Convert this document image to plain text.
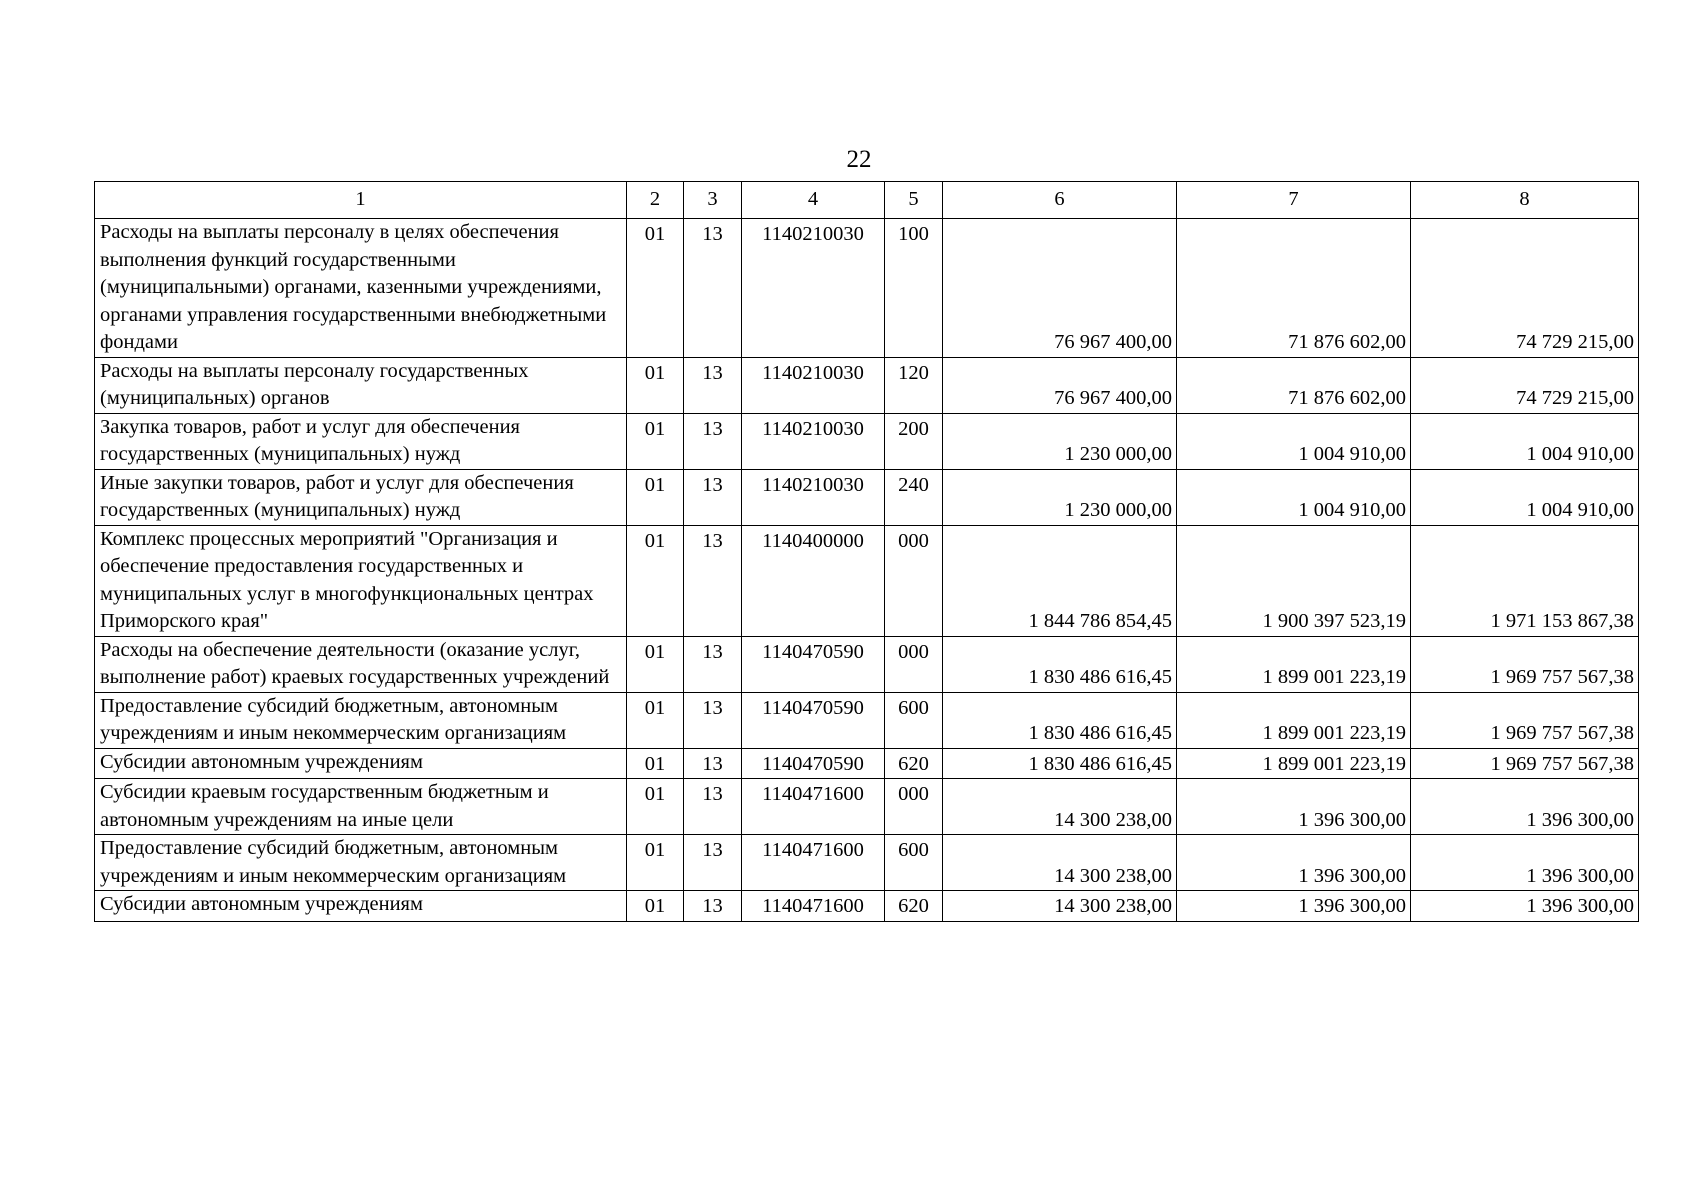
22
1	2	3	4	5	6	7	8
Расходы на выплаты персоналу в целях обеспечения выполнения функций государственными (муниципальными) органами, казенными учреждениями, органами управления государственными внебюджетными фондами	01	13	1140210030	100	76 967 400,00	71 876 602,00	74 729 215,00
Расходы на выплаты персоналу государственных (муниципальных) органов	01	13	1140210030	120	76 967 400,00	71 876 602,00	74 729 215,00
Закупка товаров, работ и услуг для обеспечения государственных (муниципальных) нужд	01	13	1140210030	200	1 230 000,00	1 004 910,00	1 004 910,00
Иные закупки товаров, работ и услуг для обеспечения государственных (муниципальных) нужд	01	13	1140210030	240	1 230 000,00	1 004 910,00	1 004 910,00
Комплекс процессных мероприятий "Организация и обеспечение предоставления государственных и муниципальных услуг в многофункциональных центрах Приморского края"	01	13	1140400000	000	1 844 786 854,45	1 900 397 523,19	1 971 153 867,38
Расходы на обеспечение деятельности (оказание услуг, выполнение работ) краевых государственных учреждений	01	13	1140470590	000	1 830 486 616,45	1 899 001 223,19	1 969 757 567,38
Предоставление субсидий бюджетным, автономным учреждениям и иным некоммерческим организациям	01	13	1140470590	600	1 830 486 616,45	1 899 001 223,19	1 969 757 567,38
Субсидии автономным учреждениям	01	13	1140470590	620	1 830 486 616,45	1 899 001 223,19	1 969 757 567,38
Субсидии краевым государственным бюджетным и автономным учреждениям на иные цели	01	13	1140471600	000	14 300 238,00	1 396 300,00	1 396 300,00
Предоставление субсидий бюджетным, автономным учреждениям и иным некоммерческим организациям	01	13	1140471600	600	14 300 238,00	1 396 300,00	1 396 300,00
Субсидии автономным учреждениям	01	13	1140471600	620	14 300 238,00	1 396 300,00	1 396 300,00
